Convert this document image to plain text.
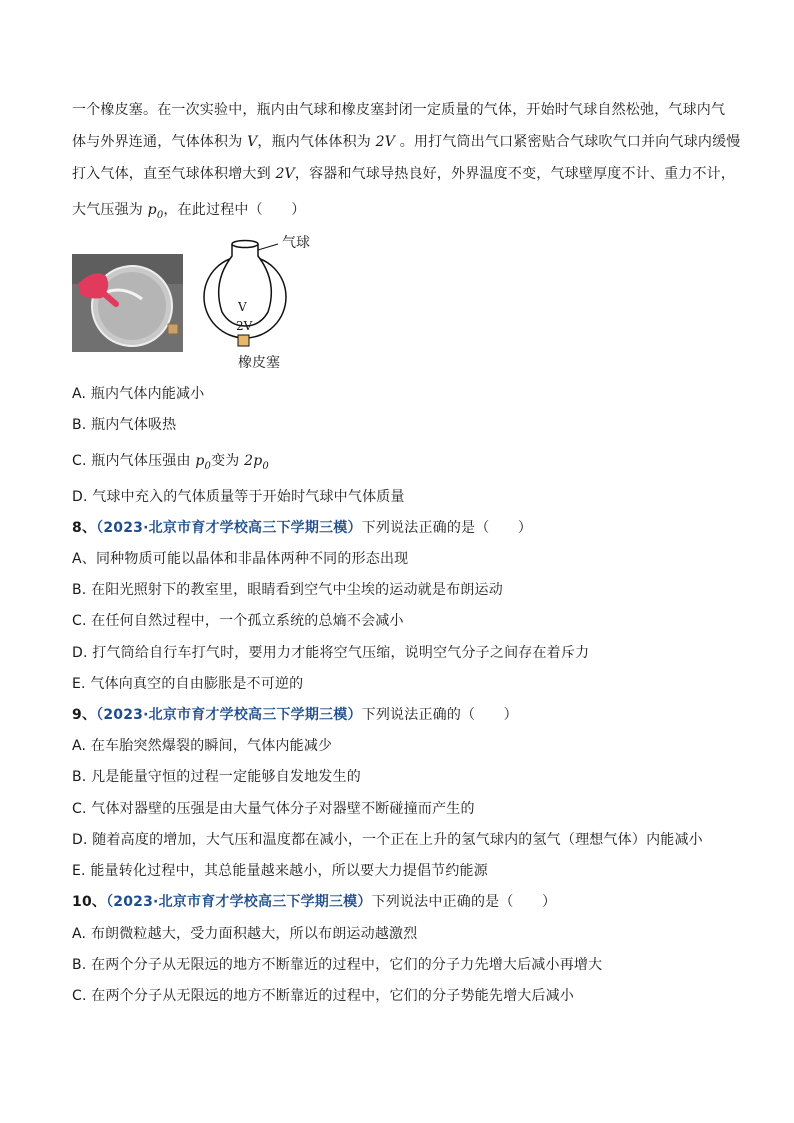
一个橡皮塞。在一次实验中，瓶内由气球和橡皮塞封闭一定质量的气体，开始时气球自然松弛，气球内气
体与外界连通，气体体积为 V，瓶内气体体积为 2V 。用打气筒出气口紧密贴合气球吹气口并向气球内缓慢
打入气体，直至气球体积增大到 2V，容器和气球导热良好，外界温度不变，气球壁厚度不计、重力不计，
大气压强为 $p_0$，在此过程中（　　）
气球
V
2V
橡皮塞
A. 瓶内气体内能减小
B. 瓶内气体吸热
C. 瓶内气体压强由 $p_0$变为 $2p_0$
D. 气球中充入的气体质量等于开始时气球中气体质量
8、（2023·北京市育才学校高三下学期三模）下列说法正确的是（　　）
A、同种物质可能以晶体和非晶体两种不同的形态出现
B. 在阳光照射下的教室里，眼睛看到空气中尘埃的运动就是布朗运动
C. 在任何自然过程中，一个孤立系统的总熵不会减小
D. 打气筒给自行车打气时，要用力才能将空气压缩，说明空气分子之间存在着斥力
E. 气体向真空的自由膨胀是不可逆的
9、（2023·北京市育才学校高三下学期三模）下列说法正确的（　　）
A. 在车胎突然爆裂的瞬间，气体内能减少
B. 凡是能量守恒的过程一定能够自发地发生的
C. 气体对器壁的压强是由大量气体分子对器壁不断碰撞而产生的
D. 随着高度的增加，大气压和温度都在减小，一个正在上升的氢气球内的氢气（理想气体）内能减小
E. 能量转化过程中，其总能量越来越小，所以要大力提倡节约能源
10、（2023·北京市育才学校高三下学期三模）下列说法中正确的是（　　）
A. 布朗微粒越大，受力面积越大，所以布朗运动越激烈
B. 在两个分子从无限远的地方不断靠近的过程中，它们的分子力先增大后减小再增大
C. 在两个分子从无限远的地方不断靠近的过程中，它们的分子势能先增大后减小
